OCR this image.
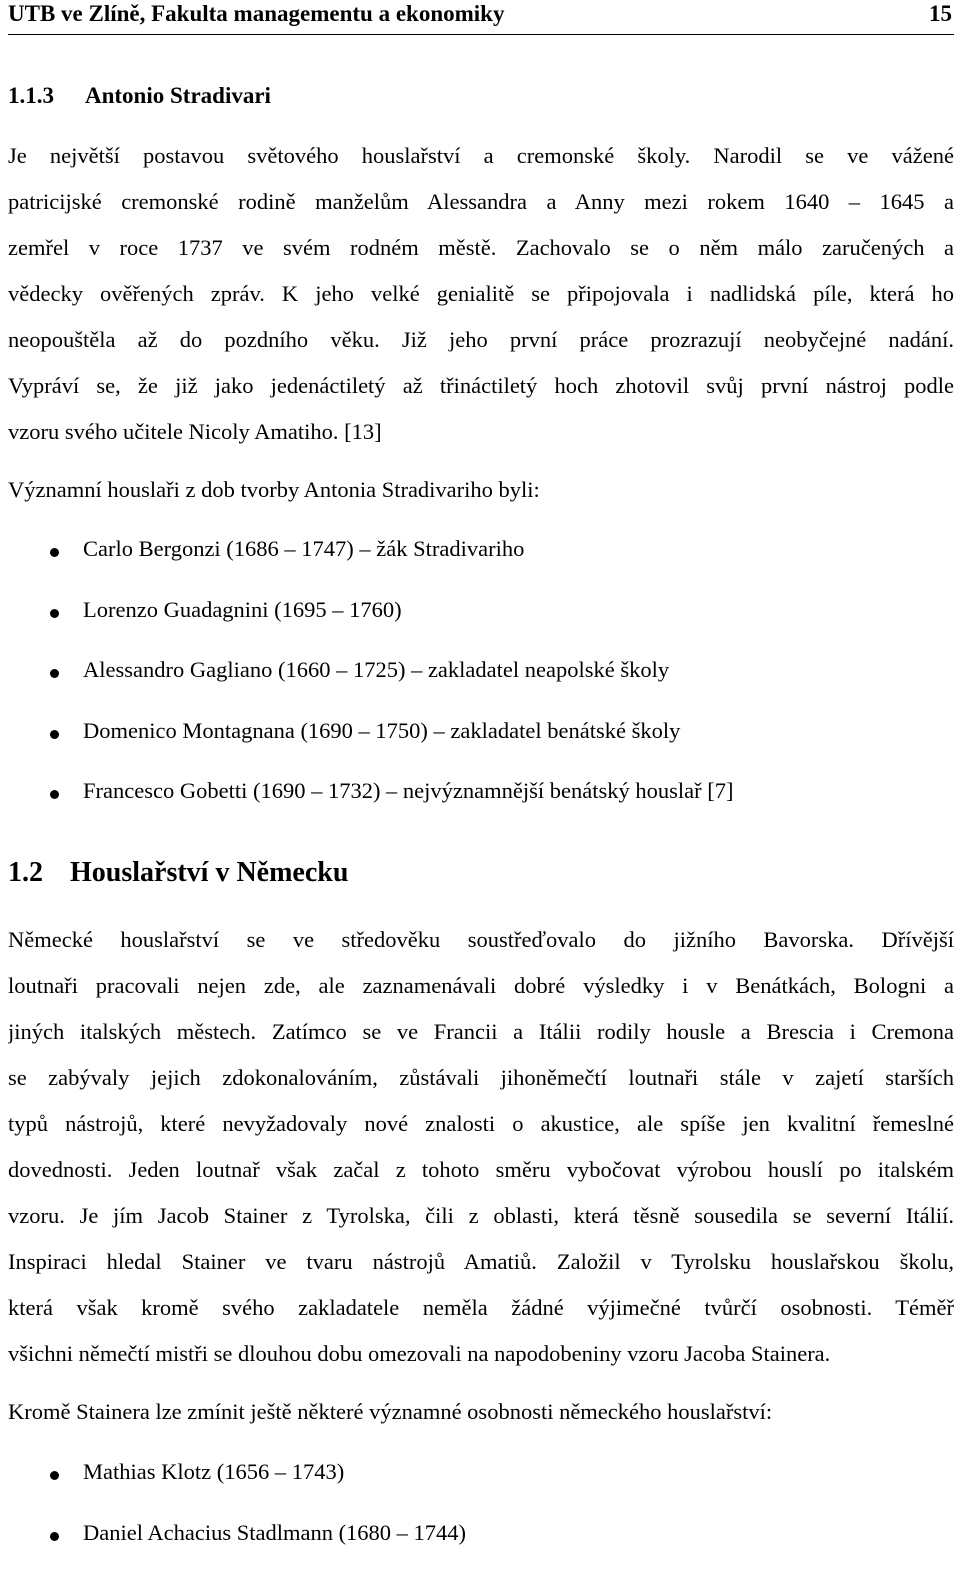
UTB ve Zlíně, Fakulta managementu a ekonomiky	15
1.1.3 Antonio Stradivari
Je největší postavou světového houslařství a cremonské školy. Narodil se ve vážené
patricijské cremonské rodině manželům Alessandra a Anny mezi rokem 1640 – 1645 a
zemřel v roce 1737 ve svém rodném městě. Zachovalo se o něm málo zaručených a
vědecky ověřených zpráv. K jeho velké genialitě se připojovala i nadlidská píle, která ho
neopouštěla až do pozdního věku. Již jeho první práce prozrazují neobyčejné nadání.
Vypráví se, že již jako jedenáctiletý až třináctiletý hoch zhotovil svůj první nástroj podle
vzoru svého učitele Nicoly Amatiho. [13]
Významní houslaři z dob tvorby Antonia Stradivariho byli:
Carlo Bergonzi (1686 – 1747) – žák Stradivariho
Lorenzo Guadagnini (1695 – 1760)
Alessandro Gagliano (1660 – 1725) – zakladatel neapolské školy
Domenico Montagnana (1690 – 1750) – zakladatel benátské školy
Francesco Gobetti (1690 – 1732) – nejvýznamnější benátský houslař [7]
1.2 Houslařství v Německu
Německé houslařství se ve středověku soustřeďovalo do jižního Bavorska. Dřívější
loutnaři pracovali nejen zde, ale zaznamenávali dobré výsledky i v Benátkách, Bologni a
jiných italských městech. Zatímco se ve Francii a Itálii rodily housle a Brescia i Cremona
se zabývaly jejich zdokonalováním, zůstávali jihoněmečtí loutnaři stále v zajetí starších
typů nástrojů, které nevyžadovaly nové znalosti o akustice, ale spíše jen kvalitní řemeslné
dovednosti. Jeden loutnař však začal z tohoto směru vybočovat výrobou houslí po italském
vzoru. Je jím Jacob Stainer z Tyrolska, čili z oblasti, která těsně sousedila se severní Itálií.
Inspiraci hledal Stainer ve tvaru nástrojů Amatiů. Založil v Tyrolsku houslařskou školu,
která však kromě svého zakladatele neměla žádné výjimečné tvůrčí osobnosti. Téměř
všichni němečtí mistři se dlouhou dobu omezovali na napodobeniny vzoru Jacoba Stainera.
Kromě Stainera lze zmínit ještě některé významné osobnosti německého houslařství:
Mathias Klotz (1656 – 1743)
Daniel Achacius Stadlmann (1680 – 1744)
